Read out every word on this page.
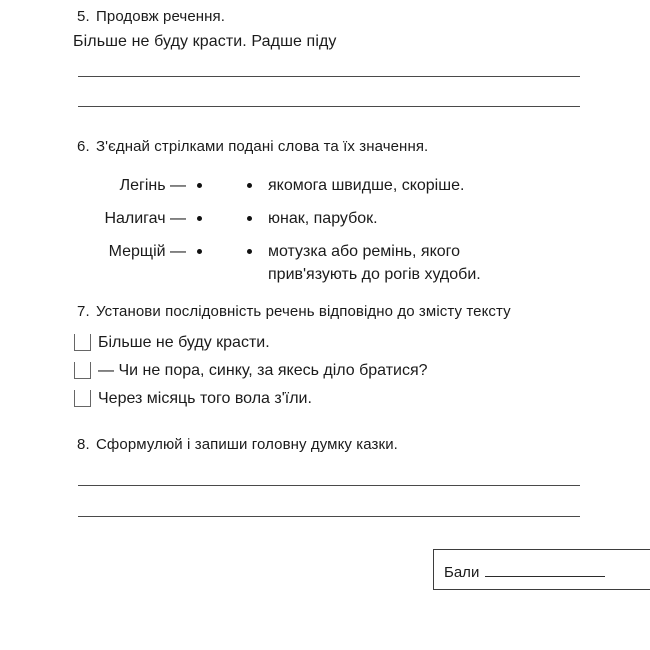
5. Продовж речення.
Більше не буду красти. Радше піду
6. З'єднай стрілками подані слова та їх значення.
Легінь —	якомога швидше, скоріше.
Налигач —	юнак, парубок.
Мерщій —	мотузка або ремінь, якого
прив'язують до рогів худоби.
7. Установи послідовність речень відповідно до змісту тексту
Більше не буду красти.
— Чи не пора, синку, за якесь діло братися?
Через місяць того вола з'їли.
8. Сформулюй і запиши головну думку казки.
Бали
